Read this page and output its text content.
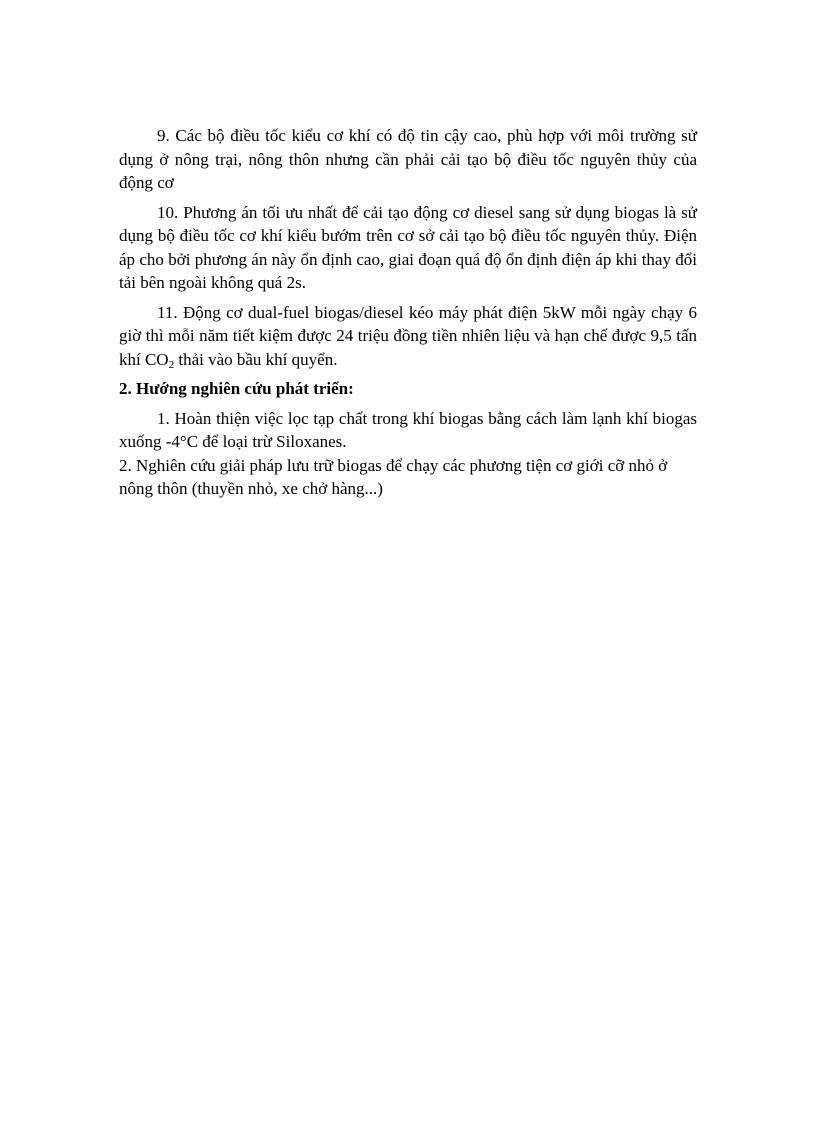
9. Các bộ điều tốc kiểu cơ khí có độ tin cậy cao, phù hợp với môi trường sử dụng ở nông trại, nông thôn nhưng cần phải cải tạo bộ điều tốc nguyên thủy của động cơ

10. Phương án tối ưu nhất để cải tạo động cơ diesel sang sử dụng biogas là sử dụng bộ điều tốc cơ khí kiểu bướm trên cơ sở cải tạo bộ điều tốc nguyên thủy. Điện áp cho bởi phương án này ổn định cao, giai đoạn quá độ ổn định điện áp khi thay đổi tải bên ngoài không quá 2s.

11. Động cơ dual-fuel biogas/diesel kéo máy phát điện 5kW mỗi ngày chạy 6 giờ thì mỗi năm tiết kiệm được 24 triệu đồng tiền nhiên liệu và hạn chế được 9,5 tấn khí $CO_2$ thải vào bầu khí quyển.

2. Hướng nghiên cứu phát triển:

1. Hoàn thiện việc lọc tạp chất trong khí biogas bằng cách làm lạnh khí biogas xuống -4°C để loại trừ Siloxanes.

2. Nghiên cứu giải pháp lưu trữ biogas để chạy các phương tiện cơ giới cỡ nhỏ ở nông thôn (thuyền nhỏ, xe chở hàng...)
